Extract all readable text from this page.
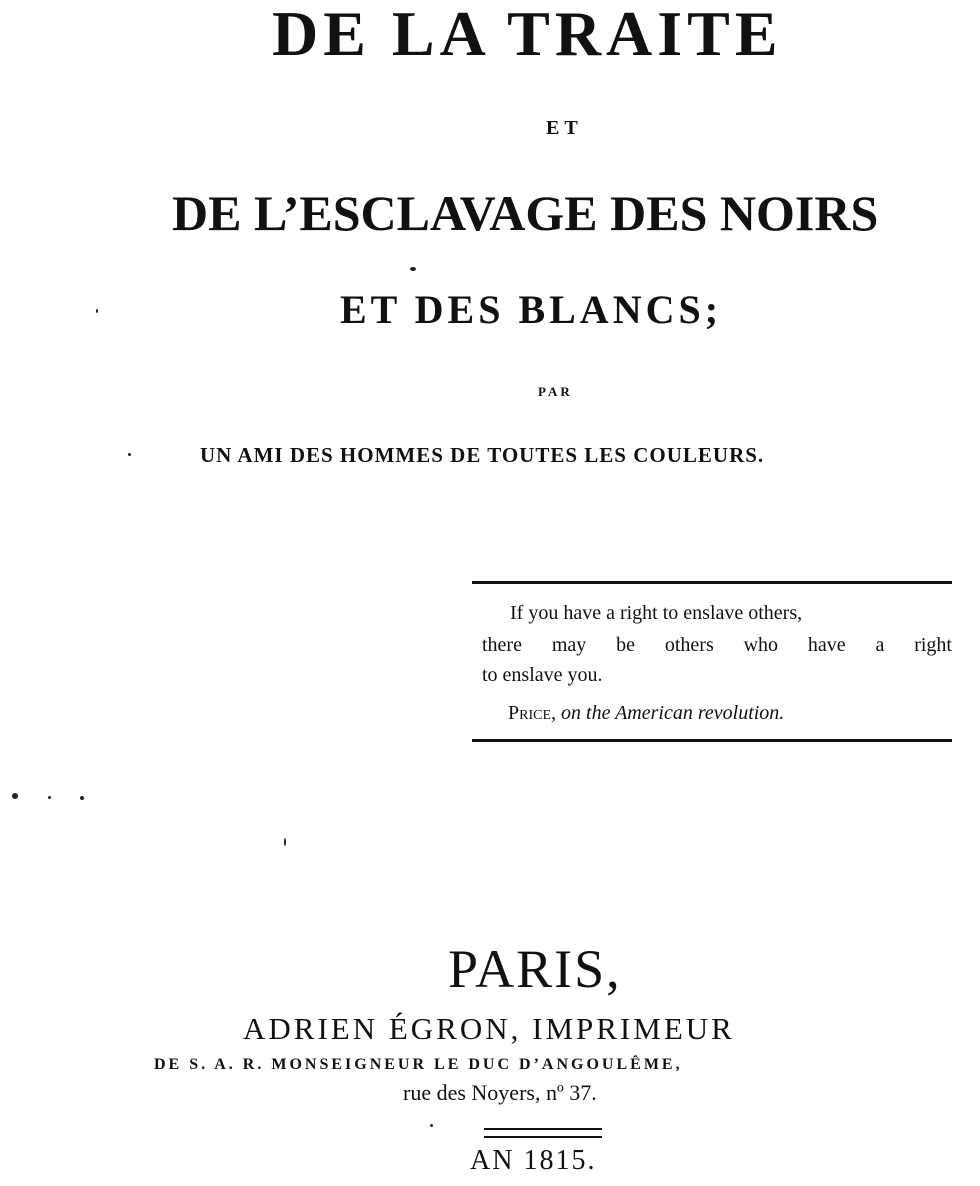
DE LA TRAITE
ET
DE L’ESCLAVAGE DES NOIRS
ET DES BLANCS;
PAR
UN AMI DES HOMMES DE TOUTES LES COULEURS.
If you have a right to enslave others,
there may be others who have a right
to enslave you.
Price, on the American revolution.
PARIS,
ADRIEN ÉGRON, IMPRIMEUR
DE S. A. R. MONSEIGNEUR LE DUC D’ANGOULÊME,
rue des Noyers, nº 37.
AN 1815.
